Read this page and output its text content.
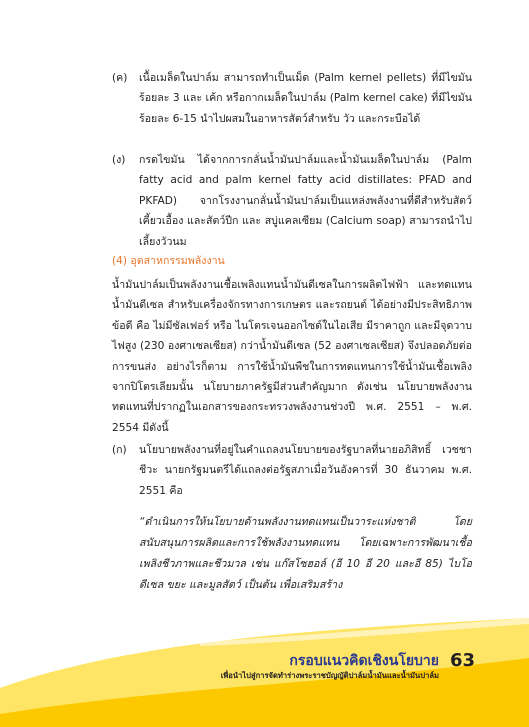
(ค) เนื้อเมล็ดในปาล์ม สามารถทำเป็นเม็ด (Palm kernel pellets) ที่มีไขมันร้อยละ 3 และ เค้ก หรือกากเมล็ดในปาล์ม (Palm kernel cake) ที่มีไขมันร้อยละ 6-15 นำไปผสมในอาหารสัตว์สำหรับ วัว และกระบือได้
(ง) กรดไขมัน ได้จากการกลั่นน้ำมันปาล์มและน้ำมันเมล็ดในปาล์ม (Palm fatty acid and palm kernel fatty acid distillates: PFAD and PKFAD) จากโรงงานกลั่นน้ำมันปาล์มเป็นแหล่งพลังงานที่ดีสำหรับสัตว์เคี้ยวเอื้อง และสัตว์ปีก และ สบู่แคลเซียม (Calcium soap) สามารถนำไปเลี้ยงวัวนม
(4) อุตสาหกรรมพลังงาน
น้ำมันปาล์มเป็นพลังงานเชื้อเพลิงแทนน้ำมันดีเซลในการผลิตไฟฟ้า และทดแทนน้ำมันดีเซล สำหรับเครื่องจักรทางการเกษตร และรถยนต์ ได้อย่างมีประสิทธิภาพ ข้อดี คือ ไม่มีซัลเฟอร์ หรือ ไนโตรเจนออกไซด์ในไอเสีย มีราคาถูก และมีจุดวาบไฟสูง (230 องศาเซลเซียส) กว่าน้ำมันดีเซล (52 องศาเซลเซียส) จึงปลอดภัยต่อการขนส่ง อย่างไรก็ตาม การใช้น้ำมันพืชในการทดแทนการใช้น้ำมันเชื้อเพลิงจากปิโตรเลียมนั้น นโยบายภาครัฐมีส่วนสำคัญมาก ดังเช่น นโยบายพลังงานทดแทนที่ปรากฏในเอกสารของกระทรวงพลังงานช่วงปี พ.ศ. 2551 – พ.ศ. 2554 มีดังนี้
(ก) นโยบายพลังงานที่อยู่ในคำแถลงนโยบายของรัฐบาลที่นายอภิสิทธิ์ เวชชาชีวะ นายกรัฐมนตรีได้แถลงต่อรัฐสภาเมื่อวันอังคารที่ 30 ธันวาคม พ.ศ. 2551 คือ
“ดำเนินการให้นโยบายด้านพลังงานทดแทนเป็นวาระแห่งชาติ โดยสนับสนุนการผลิตและการใช้พลังงานทดแทน โดยเฉพาะการพัฒนาเชื้อเพลิงชีวภาพและชีวมวล เช่น แก๊สโซฮอล์ (อี 10 อี 20 และอี 85) ไบโอดีเซล ขยะ และมูลสัตว์ เป็นต้น เพื่อเสริมสร้าง
กรอบแนวคิดเชิงนโยบาย
เพื่อนำไปสู่การจัดทำร่างพระราชบัญญัติปาล์มน้ำมันและน้ำมันปาล์ม
63
